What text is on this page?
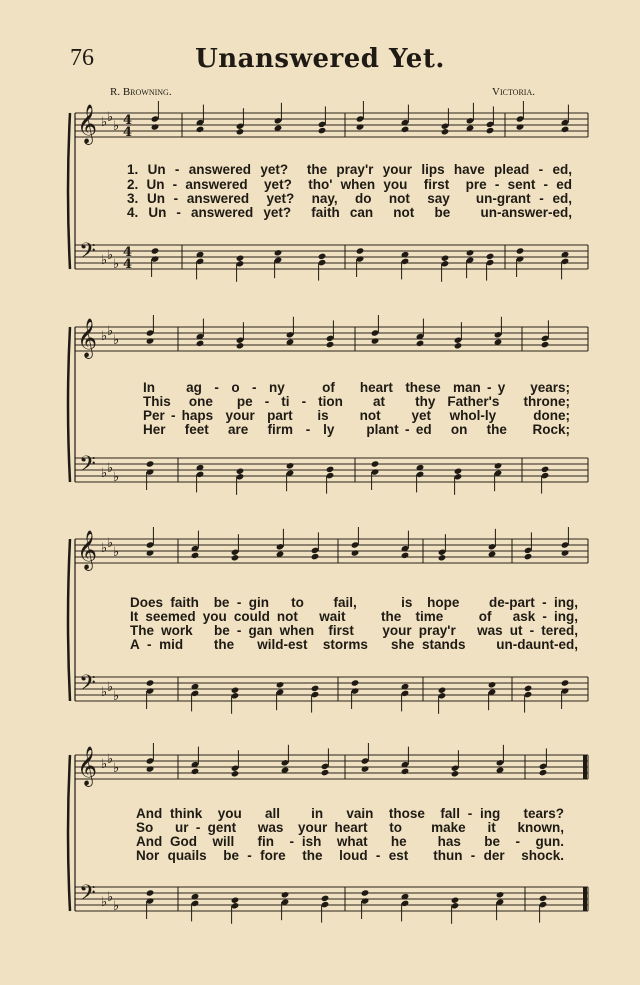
76	Unanswered Yet.
R. Browning.	Victoria.
𝄞
𝄢
♭
♭
♭
♭
♭
♭
4
4
4
4
𝄞
𝄢
♭
♭
♭
♭
♭
♭
𝄞
𝄢
♭
♭
♭
♭
♭
♭
𝄞
𝄢
♭
♭
♭
♭
♭
♭
1. Un - answered yet?  the pray'r your lips have plead - ed,
2. Un - answered  yet?  tho' when you  first  pre - sent - ed
3. Un - answered  yet?  nay,  do  not  say   un-grant - ed,
4. Un - answered yet?  faith can  not  be   un-answer-ed,
In     ag  -  o  -  ny      of    heart  these  man - y    years;
This   one    pe  -  ti  -  tion     at     thy  Father's    throne;
Per - haps  your  part    is     not     yet   whol-ly      done;
Her   feet   are   firm  -  ly     plant - ed   on   the    Rock;
Does faith  be - gin   to    fail,      is  hope    de-part - ing,
It seemed you could not   wait     the  time     of   ask - ing,
The work   be - gan when  first    your pray'r   was ut - tered,
A - mid    the   wild-est  storms   she stands    un-daunt-ed,
And think  you   all    in   vain  those  fall - ing   tears?
So   ur - gent   was  your heart   to    make   it   known,
And God  will   fin  - ish  what   he    has   be  -  gun.
Nor quails  be - fore  the  loud - est   thun - der  shock.
